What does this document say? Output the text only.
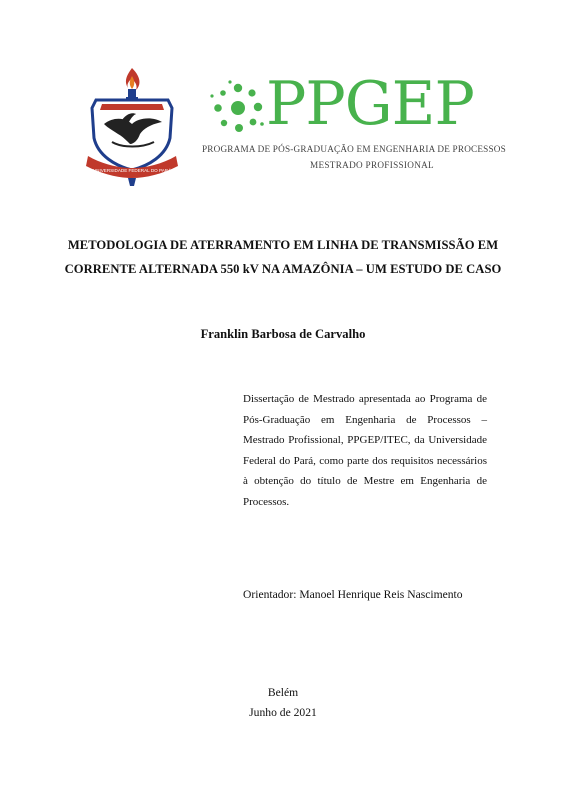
UNIVERSIDADE FEDERAL DO PARÁ
PPGEP
PROGRAMA DE PÓS-GRADUAÇÃO EM ENGENHARIA DE PROCESSOS
MESTRADO PROFISSIONAL
METODOLOGIA DE ATERRAMENTO EM LINHA DE TRANSMISSÃO EM
CORRENTE ALTERNADA 550 kV NA AMAZÔNIA – UM ESTUDO DE CASO
Franklin Barbosa de Carvalho
Dissertação de Mestrado apresentada ao Programa de Pós-Graduação em Engenharia de Processos – Mestrado Profissional, PPGEP/ITEC, da Universidade Federal do Pará, como parte dos requisitos necessários à obtenção do título de Mestre em Engenharia de Processos.
Orientador: Manoel Henrique Reis Nascimento
Belém
Junho de 2021
